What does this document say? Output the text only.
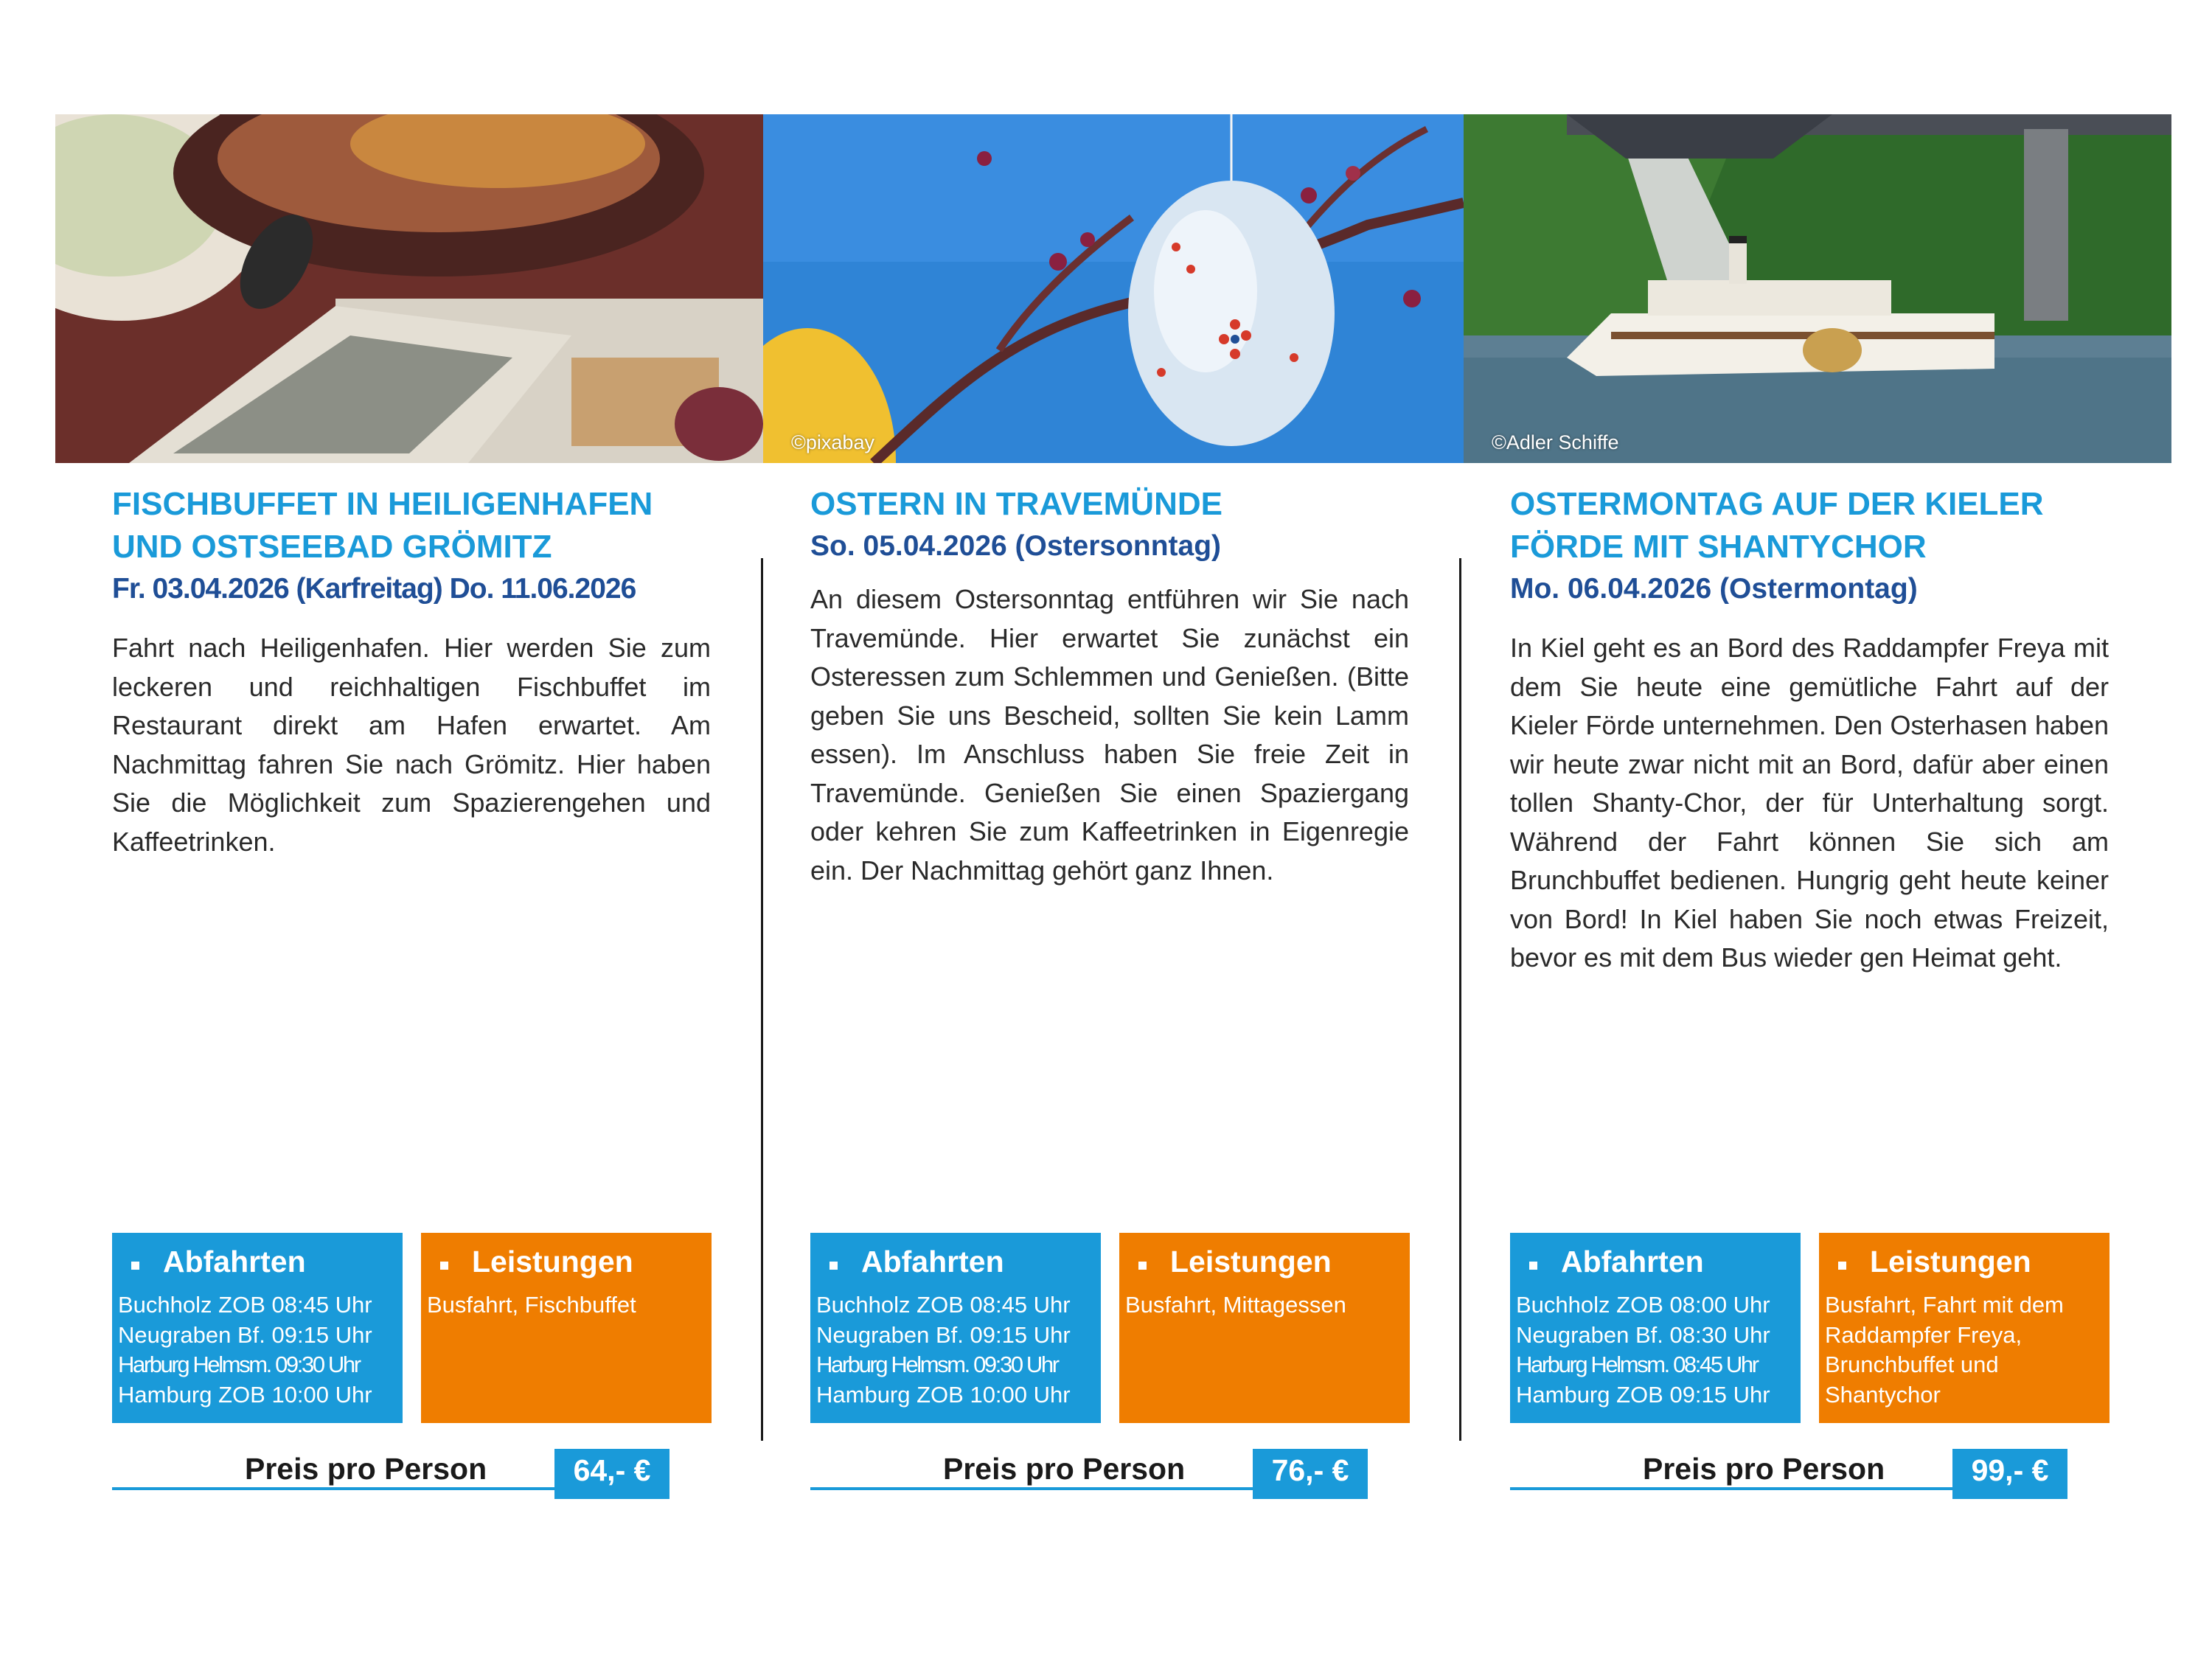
©pixabay	©Adler Schiffe

FISCHBUFFET IN HEILIGENHAFEN
UND OSTSEEBAD GRÖMITZ

Fr. 03.04.2026 (Karfreitag) Do. 11.06.2026

Fahrt nach Heiligenhafen. Hier werden Sie zum leckeren und reichhaltigen Fischbuffet im Restaurant direkt am Hafen erwartet. Am Nachmittag fahren Sie nach Grömitz. Hier haben Sie die Möglichkeit zum Spazierengehen und Kaffeetrinken.

OSTERN IN TRAVEMÜNDE

So. 05.04.2026 (Ostersonntag)

An diesem Ostersonntag entführen wir Sie nach Travemünde. Hier erwartet Sie zunächst ein Osteressen zum Schlemmen und Genießen. (Bitte geben Sie uns Bescheid, sollten Sie kein Lamm essen). Im Anschluss haben Sie freie Zeit in Travemünde. Genießen Sie einen Spaziergang oder kehren Sie zum Kaffeetrinken in Eigenregie ein. Der Nachmittag gehört ganz Ihnen.

OSTERMONTAG AUF DER KIELER
FÖRDE MIT SHANTYCHOR

Mo. 06.04.2026 (Ostermontag)

In Kiel geht es an Bord des Raddampfer Freya mit dem Sie heute eine gemütliche Fahrt auf der Kieler Förde unternehmen. Den Osterhasen haben wir heute zwar nicht mit an Bord, dafür aber einen tollen Shanty-Chor, der für Unterhaltung sorgt. Während der Fahrt können Sie sich am Brunchbuffet bedienen. Hungrig geht heute keiner von Bord! In Kiel haben Sie noch etwas Freizeit, bevor es mit dem Bus wieder gen Heimat geht.

Abfahrten
Buchholz ZOB 08:45 Uhr
Neugraben Bf. 09:15 Uhr
Harburg Helmsm. 09:30 Uhr
Hamburg ZOB 10:00 Uhr
Leistungen
Busfahrt, Fischbuffet
Abfahrten
Buchholz ZOB 08:45 Uhr
Neugraben Bf. 09:15 Uhr
Harburg Helmsm. 09:30 Uhr
Hamburg ZOB 10:00 Uhr
Leistungen
Busfahrt, Mittagessen
Abfahrten
Buchholz ZOB 08:00 Uhr
Neugraben Bf. 08:30 Uhr
Harburg Helmsm. 08:45 Uhr
Hamburg ZOB 09:15 Uhr
Leistungen
Busfahrt, Fahrt mit dem
Raddampfer Freya,
Brunchbuffet und
Shantychor
Preis pro Person	64,- €	Preis pro Person	76,- €	Preis pro Person	99,- €
